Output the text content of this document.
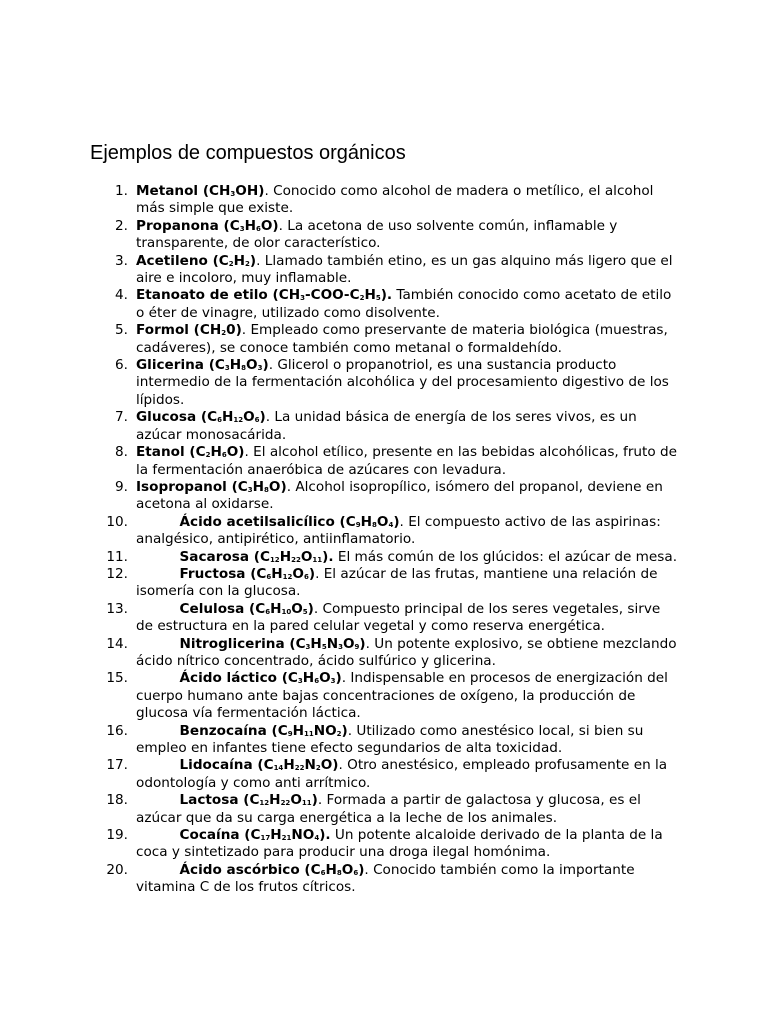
Ejemplos de compuestos orgánicos
1. Metanol (CH3OH). Conocido como alcohol de madera o metílico, el alcohol más simple que existe.
2. Propanona (C3H6O). La acetona de uso solvente común, inflamable y transparente, de olor característico.
3. Acetileno (C2H2). Llamado también etino, es un gas alquino más ligero que el aire e incoloro, muy inflamable.
4. Etanoato de etilo (CH3-COO-C2H5). También conocido como acetato de etilo o éter de vinagre, utilizado como disolvente.
5. Formol (CH20). Empleado como preservante de materia biológica (muestras, cadáveres), se conoce también como metanal o formaldehído.
6. Glicerina (C3H8O3). Glicerol o propanotriol, es una sustancia producto intermedio de la fermentación alcohólica y del procesamiento digestivo de los lípidos.
7. Glucosa (C6H12O6). La unidad básica de energía de los seres vivos, es un azúcar monosacárida.
8. Etanol (C2H6O). El alcohol etílico, presente en las bebidas alcohólicas, fruto de la fermentación anaeróbica de azúcares con levadura.
9. Isopropanol (C3H8O). Alcohol isopropílico, isómero del propanol, deviene en acetona al oxidarse.
10.	Ácido acetilsalicílico (C9H8O4). El compuesto activo de las aspirinas: analgésico, antipirético, antiinflamatorio.
11.	Sacarosa (C12H22O11). El más común de los glúcidos: el azúcar de mesa.
12.	Fructosa (C6H12O6). El azúcar de las frutas, mantiene una relación de isomería con la glucosa.
13.	Celulosa (C6H10O5). Compuesto principal de los seres vegetales, sirve de estructura en la pared celular vegetal y como reserva energética.
14.	Nitroglicerina (C3H5N3O9). Un potente explosivo, se obtiene mezclando ácido nítrico concentrado, ácido sulfúrico y glicerina.
15.	Ácido láctico (C3H6O3). Indispensable en procesos de energización del cuerpo humano ante bajas concentraciones de oxígeno, la producción de glucosa vía fermentación láctica.
16.	Benzocaína (C9H11NO2). Utilizado como anestésico local, si bien su empleo en infantes tiene efecto segundarios de alta toxicidad.
17.	Lidocaína (C14H22N2O). Otro anestésico, empleado profusamente en la odontología y como anti arrítmico.
18.	Lactosa (C12H22O11). Formada a partir de galactosa y glucosa, es el azúcar que da su carga energética a la leche de los animales.
19.	Cocaína (C17H21NO4). Un potente alcaloide derivado de la planta de la coca y sintetizado para producir una droga ilegal homónima.
20.	Ácido ascórbico (C6H8O6). Conocido también como la importante vitamina C de los frutos cítricos.
